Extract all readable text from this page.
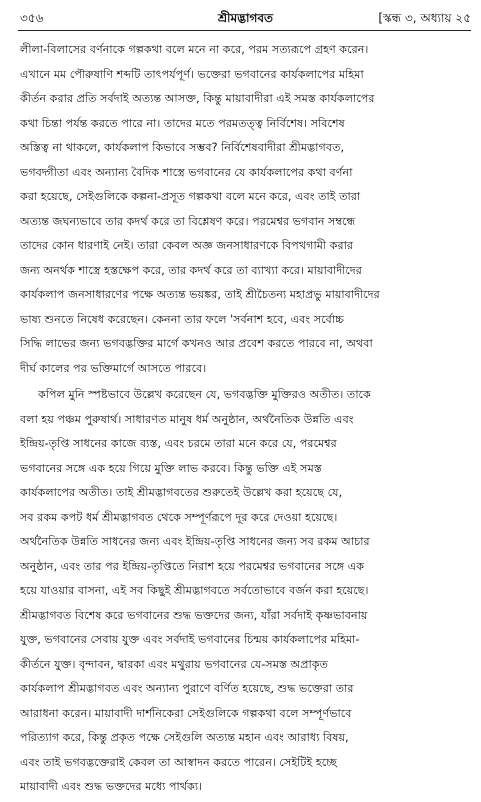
৩৫৬	শ্রীমদ্ভাগবত	[স্কন্ধ ৩, অধ্যায় ২৫
লীলা-বিলাসের বর্ণনাকে গল্পকথা বলে মনে না করে, পরম সত্যরূপে গ্রহণ করেন।
এখানে মম পৌরুষাণি শব্দটি তাৎপর্যপূর্ণ। ভক্তেরা ভগবানের কার্যকলাপের মহিমা
কীর্তন করার প্রতি সর্বদাই অত্যন্ত আসক্ত, কিন্তু মায়াবাদীরা এই সমস্ত কার্যকলাপের
কথা চিন্তা পর্যন্ত করতে পারে না। তাদের মতে পরমতত্ত্ব নির্বিশেষ। সবিশেষ
অস্তিত্ব না থাকলে, কার্যকলাপ কিভাবে সম্ভব? নির্বিশেষবাদীরা শ্রীমদ্ভাগবত,
ভগবদ্গীতা এবং অন্যান্য বৈদিক শাস্ত্রে ভগবানের যে কার্যকলাপের কথা বর্ণনা
করা হয়েছে, সেইগুলিকে কল্পনা-প্রসূত গল্পকথা বলে মনে করে, এবং তাই তারা
অত্যন্ত জঘন্যভাবে তার কদর্থ করে তা বিশ্লেষণ করে। পরমেশ্বর ভগবান সম্বন্ধে
তাদের কোন ধারণাই নেই। তারা কেবল অজ্ঞ জনসাধারণকে বিপথগামী করার
জন্য অনর্থক শাস্ত্রে হস্তক্ষেপ করে, তার কদর্থ করে তা ব্যাখ্যা করে। মায়াবাদীদের
কার্যকলাপ জনসাধারণের পক্ষে অত্যন্ত ভয়ঙ্কর, তাই শ্রীচৈতন্য মহাপ্রভু মায়াবাদীদের
ভাষ্য শুনতে নিষেধ করেছেন। কেননা তার ফলে 'সর্বনাশ হবে, এবং সর্বোচ্চ
সিদ্ধি লাভের জন্য ভগবদ্ভক্তির মার্গে কখনও আর প্রবেশ করতে পারবে না, অথবা
দীর্ঘ কালের পর ভক্তিমার্গে আসতে পারবে।
কপিল মুনি স্পষ্টভাবে উল্লেখ করেছেন যে, ভগবদ্ভক্তি মুক্তিরও অতীত। তাকে
বলা হয় পঞ্চম পুরুষার্থ। সাধারণত মানুষ ধর্ম অনুষ্ঠান, অর্থনৈতিক উন্নতি এবং
ইন্দ্রিয়-তৃপ্তি সাধনের কাজে ব্যস্ত, এবং চরমে তারা মনে করে যে, পরমেশ্বর
ভগবানের সঙ্গে এক হয়ে গিয়ে মুক্তি লাভ করবে। কিন্তু ভক্তি এই সমস্ত
কার্যকলাপের অতীত। তাই শ্রীমদ্ভাগবতের শুরুতেই উল্লেখ করা হয়েছে যে,
সব রকম কপট ধর্ম শ্রীমদ্ভাগবত থেকে সম্পূর্ণরূপে দূর করে দেওয়া হয়েছে।
অর্থনৈতিক উন্নতি সাধনের জন্য এবং ইন্দ্রিয়-তৃপ্তি সাধনের জন্য সব রকম আচার
অনুষ্ঠান, এবং তার পর ইন্দ্রিয়-তৃপ্তিতে নিরাশ হয়ে পরমেশ্বর ভগবানের সঙ্গে এক
হয়ে যাওয়ার বাসনা, এই সব কিছুই শ্রীমদ্ভাগবতে সর্বতোভাবে বর্জন করা হয়েছে।
শ্রীমদ্ভাগবত বিশেষ করে ভগবানের শুদ্ধ ভক্তদের জন্য, যাঁরা সর্বদাই কৃষ্ণভাবনায়
যুক্ত, ভগবানের সেবায় যুক্ত এবং সর্বদাই ভগবানের চিন্ময় কার্যকলাপের মহিমা-
কীর্তনে যুক্ত। বৃন্দাবন, দ্বারকা এবং মথুরায় ভগবানের যে-সমস্ত অপ্রাকৃত
কার্যকলাপ শ্রীমদ্ভাগবত এবং অন্যান্য পুরাণে বর্ণিত হয়েছে, শুদ্ধ ভক্তেরা তার
আরাধনা করেন। মায়াবাদী দার্শনিকেরা সেইগুলিকে গল্পকথা বলে সম্পূর্ণভাবে
পরিত্যাগ করে, কিন্তু প্রকৃত পক্ষে সেইগুলি অত্যন্ত মহান এবং আরাধ্য বিষয়,
এবং তাই ভগবদ্ভক্তেরাই কেবল তা আস্বাদন করতে পারেন। সেইটিই হচ্ছে
মায়াবাদী এবং শুদ্ধ ভক্তদের মধ্যে পার্থক্য।
